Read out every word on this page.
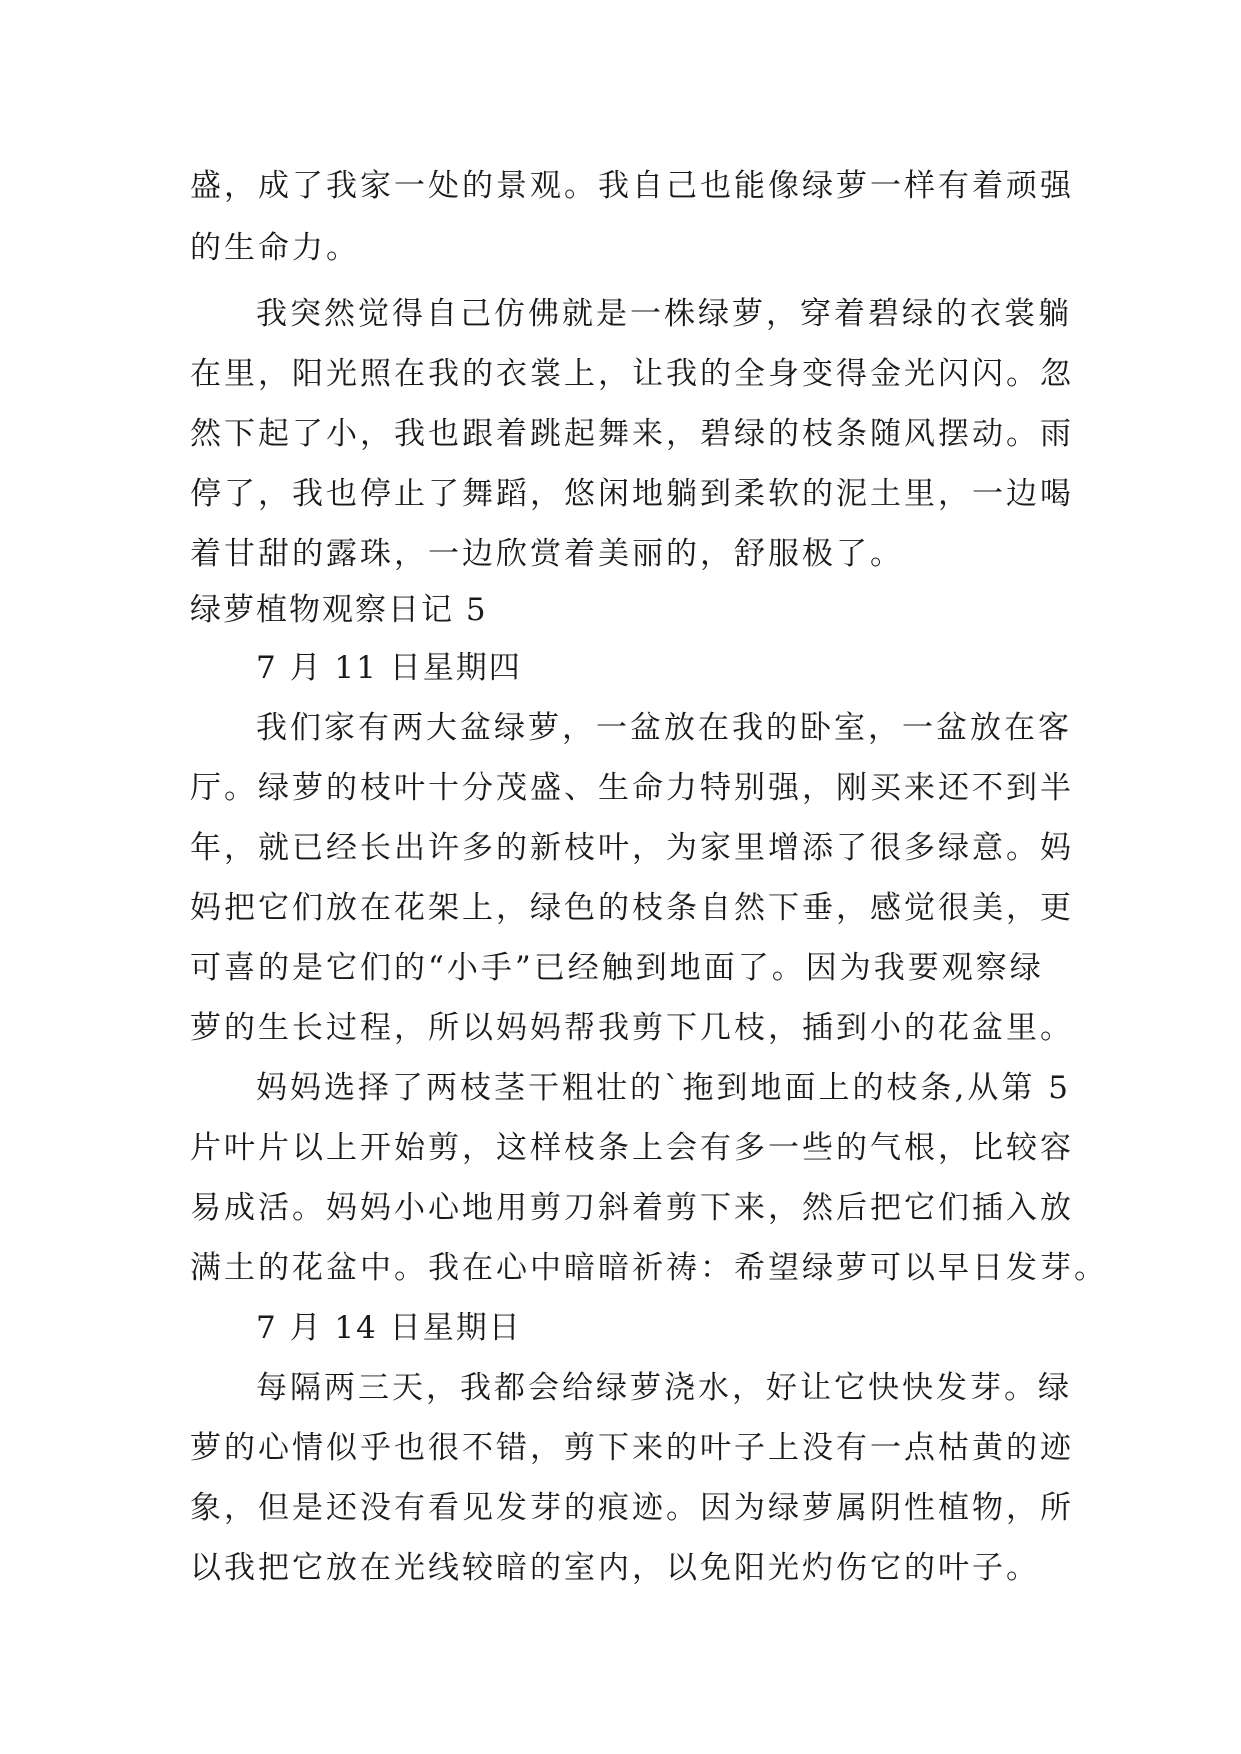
盛，成了我家一处的景观。我自己也能像绿萝一样有着顽强
的生命力。
我突然觉得自己仿佛就是一株绿萝，穿着碧绿的衣裳躺
在里，阳光照在我的衣裳上，让我的全身变得金光闪闪。忽
然下起了小，我也跟着跳起舞来，碧绿的枝条随风摆动。雨
停了，我也停止了舞蹈，悠闲地躺到柔软的泥土里，一边喝
着甘甜的露珠，一边欣赏着美丽的，舒服极了。
绿萝植物观察日记 5
7 月 11 日星期四
我们家有两大盆绿萝，一盆放在我的卧室，一盆放在客
厅。绿萝的枝叶十分茂盛、生命力特别强，刚买来还不到半
年，就已经长出许多的新枝叶，为家里增添了很多绿意。妈
妈把它们放在花架上，绿色的枝条自然下垂，感觉很美，更
可喜的是它们的“小手”已经触到地面了。因为我要观察绿
萝的生长过程，所以妈妈帮我剪下几枝，插到小的花盆里。
妈妈选择了两枝茎干粗壮的`拖到地面上的枝条,从第 5
片叶片以上开始剪，这样枝条上会有多一些的气根，比较容
易成活。妈妈小心地用剪刀斜着剪下来，然后把它们插入放
满土的花盆中。我在心中暗暗祈祷：希望绿萝可以早日发芽。
7 月 14 日星期日
每隔两三天，我都会给绿萝浇水，好让它快快发芽。绿
萝的心情似乎也很不错，剪下来的叶子上没有一点枯黄的迹
象，但是还没有看见发芽的痕迹。因为绿萝属阴性植物，所
以我把它放在光线较暗的室内，以免阳光灼伤它的叶子。
